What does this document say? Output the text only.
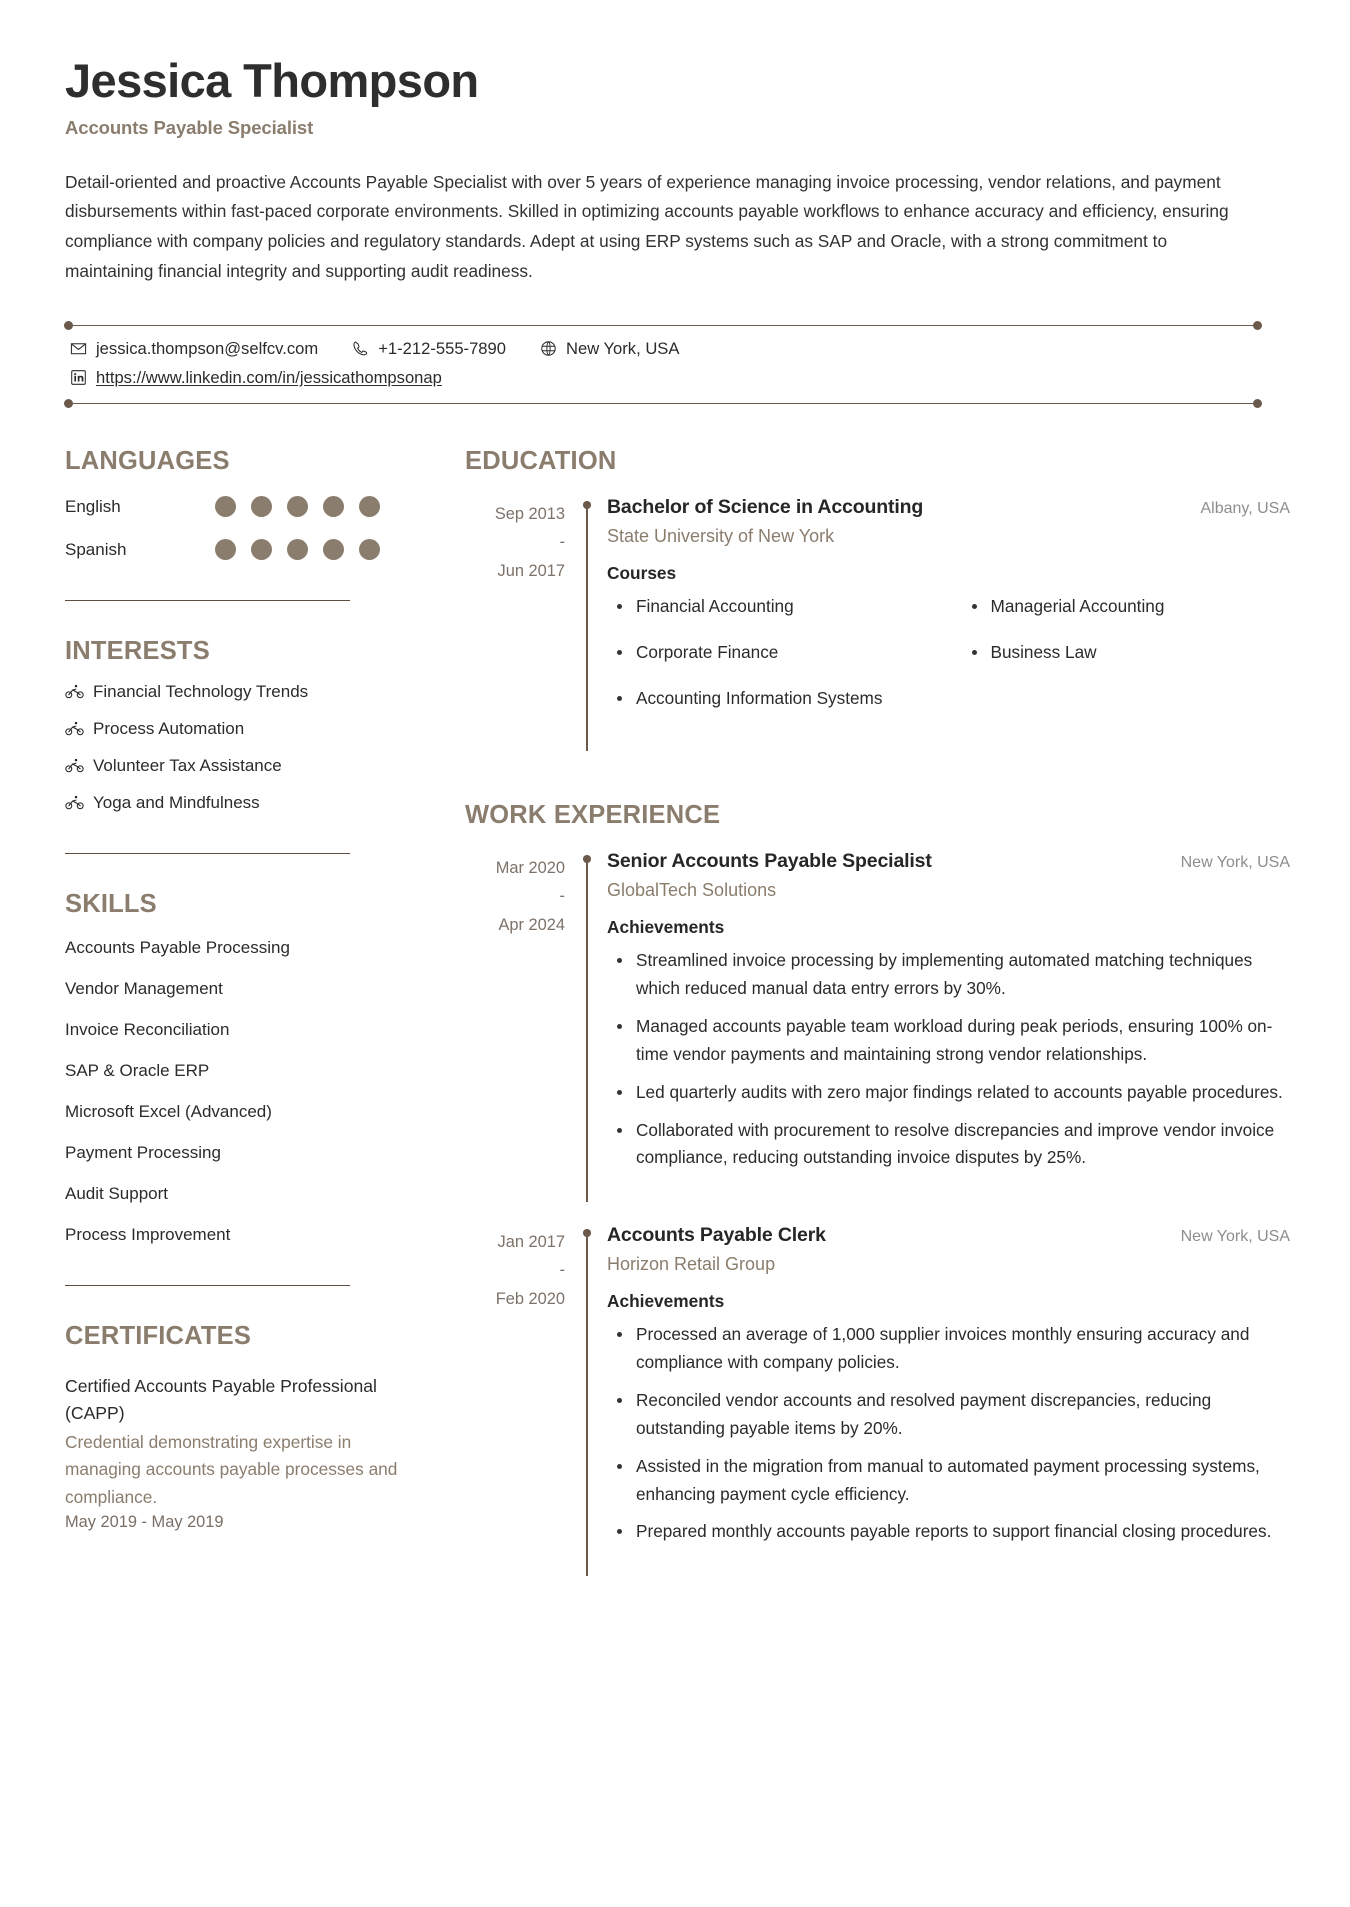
Jessica Thompson
Accounts Payable Specialist

Detail-oriented and proactive Accounts Payable Specialist with over 5 years of experience managing invoice processing, vendor relations, and payment disbursements within fast-paced corporate environments. Skilled in optimizing accounts payable workflows to enhance accuracy and efficiency, ensuring compliance with company policies and regulatory standards. Adept at using ERP systems such as SAP and Oracle, with a strong commitment to maintaining financial integrity and supporting audit readiness.

jessica.thompson@selfcv.com	+1-212-555-7890	New York, USA
https://www.linkedin.com/in/jessicathompsonap
LANGUAGES
English
Spanish
INTERESTS
Financial Technology Trends
Process Automation
Volunteer Tax Assistance
Yoga and Mindfulness
SKILLS
Accounts Payable Processing
Vendor Management
Invoice Reconciliation
SAP & Oracle ERP
Microsoft Excel (Advanced)
Payment Processing
Audit Support
Process Improvement
CERTIFICATES
Certified Accounts Payable Professional (CAPP)
Credential demonstrating expertise in managing accounts payable processes and compliance.
May 2019 - May 2019
EDUCATION
Sep 2013
-
Jun 2017
Bachelor of Science in Accounting	Albany, USA
State University of New York
Courses
Financial Accounting
Corporate Finance
Accounting Information Systems
Managerial Accounting
Business Law
WORK EXPERIENCE
Mar 2020
-
Apr 2024
Senior Accounts Payable Specialist	New York, USA
GlobalTech Solutions
Achievements
Streamlined invoice processing by implementing automated matching techniques which reduced manual data entry errors by 30%.
Managed accounts payable team workload during peak periods, ensuring 100% on-time vendor payments and maintaining strong vendor relationships.
Led quarterly audits with zero major findings related to accounts payable procedures.
Collaborated with procurement to resolve discrepancies and improve vendor invoice compliance, reducing outstanding invoice disputes by 25%.
Jan 2017
-
Feb 2020
Accounts Payable Clerk	New York, USA
Horizon Retail Group
Achievements
Processed an average of 1,000 supplier invoices monthly ensuring accuracy and compliance with company policies.
Reconciled vendor accounts and resolved payment discrepancies, reducing outstanding payable items by 20%.
Assisted in the migration from manual to automated payment processing systems, enhancing payment cycle efficiency.
Prepared monthly accounts payable reports to support financial closing procedures.
